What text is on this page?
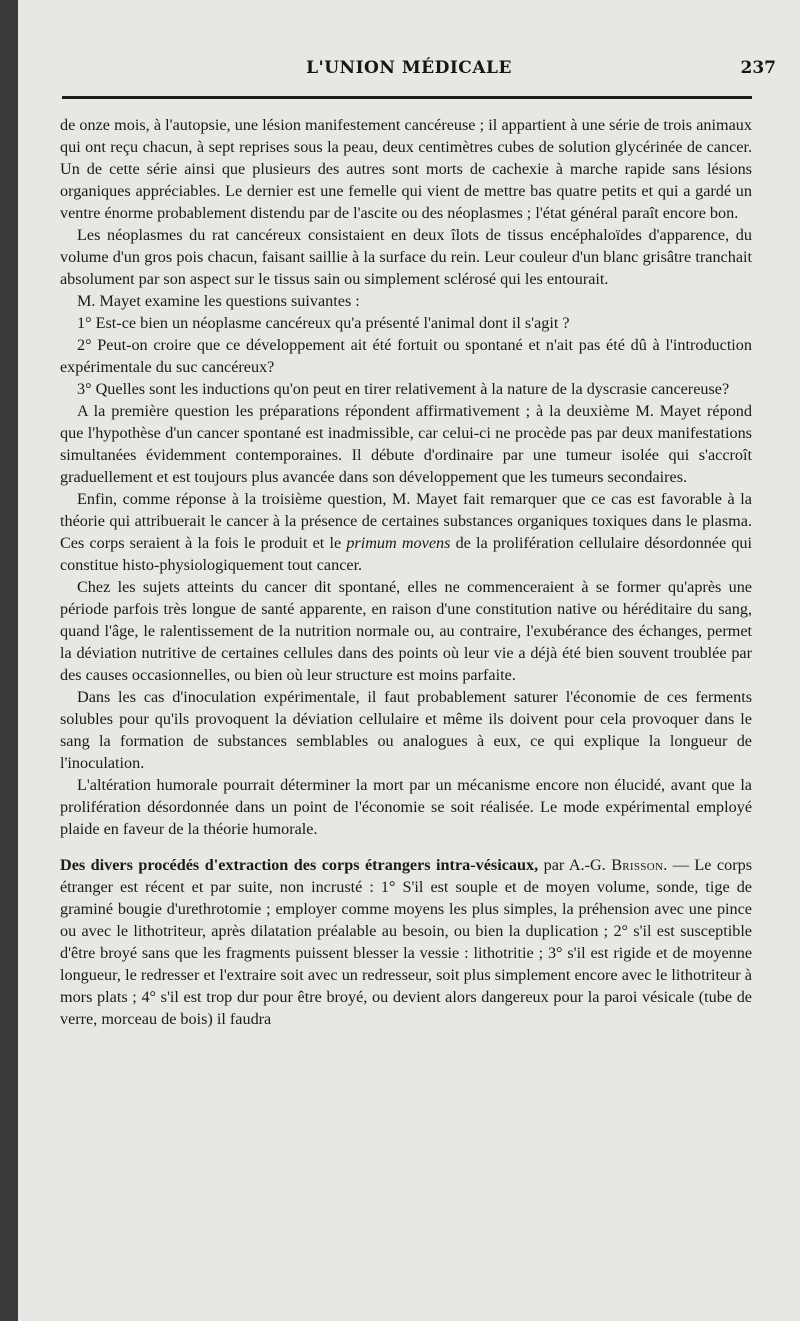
L'UNION MÉDICALE	237

de onze mois, à l'autopsie, une lésion manifestement cancéreuse ; il appartient à une série de trois animaux qui ont reçu chacun, à sept reprises sous la peau, deux centimètres cubes de solution glycérinée de cancer. Un de cette série ainsi que plusieurs des autres sont morts de cachexie à marche rapide sans lésions organiques appréciables. Le dernier est une femelle qui vient de mettre bas quatre petits et qui a gardé un ventre énorme probablement distendu par de l'ascite ou des néoplasmes ; l'état général paraît encore bon.

Les néoplasmes du rat cancéreux consistaient en deux îlots de tissus encéphaloïdes d'apparence, du volume d'un gros pois chacun, faisant saillie à la surface du rein. Leur couleur d'un blanc grisâtre tranchait absolument par son aspect sur le tissus sain ou simplement sclérosé qui les entourait.

M. Mayet examine les questions suivantes :

1° Est-ce bien un néoplasme cancéreux qu'a présenté l'animal dont il s'agit ?

2° Peut-on croire que ce développement ait été fortuit ou spontané et n'ait pas été dû à l'introduction expérimentale du suc cancéreux?

3° Quelles sont les inductions qu'on peut en tirer relativement à la nature de la dyscrasie cancereuse?

A la première question les préparations répondent affirmativement ; à la deuxième M. Mayet répond que l'hypothèse d'un cancer spontané est inadmissible, car celui-ci ne procède pas par deux manifestations simultanées évidemment contemporaines. Il débute d'ordinaire par une tumeur isolée qui s'accroît graduellement et est toujours plus avancée dans son développement que les tumeurs secondaires.

Enfin, comme réponse à la troisième question, M. Mayet fait remarquer que ce cas est favorable à la théorie qui attribuerait le cancer à la présence de certaines substances organiques toxiques dans le plasma. Ces corps seraient à la fois le produit et le primum movens de la prolifération cellulaire désordonnée qui constitue histo-physiologiquement tout cancer.

Chez les sujets atteints du cancer dit spontané, elles ne commenceraient à se former qu'après une période parfois très longue de santé apparente, en raison d'une constitution native ou héréditaire du sang, quand l'âge, le ralentissement de la nutrition normale ou, au contraire, l'exubérance des échanges, permet la déviation nutritive de certaines cellules dans des points où leur vie a déjà été bien souvent troublée par des causes occasionnelles, ou bien où leur structure est moins parfaite.

Dans les cas d'inoculation expérimentale, il faut probablement saturer l'économie de ces ferments solubles pour qu'ils provoquent la déviation cellulaire et même ils doivent pour cela provoquer dans le sang la formation de substances semblables ou analogues à eux, ce qui explique la longueur de l'inoculation.

L'altération humorale pourrait déterminer la mort par un mécanisme encore non élucidé, avant que la prolifération désordonnée dans un point de l'économie se soit réalisée. Le mode expérimental employé plaide en faveur de la théorie humorale.

Des divers procédés d'extraction des corps étrangers intra-vésicaux, par A.-G. Brisson. — Le corps étranger est récent et par suite, non incrusté : 1° S'il est souple et de moyen volume, sonde, tige de graminé bougie d'urethrotomie ; employer comme moyens les plus simples, la préhension avec une pince ou avec le lithotriteur, après dilatation préalable au besoin, ou bien la duplication ; 2° s'il est susceptible d'être broyé sans que les fragments puissent blesser la vessie : lithotritie ; 3° s'il est rigide et de moyenne longueur, le redresser et l'extraire soit avec un redresseur, soit plus simplement encore avec le lithotriteur à mors plats ; 4° s'il est trop dur pour être broyé, ou devient alors dangereux pour la paroi vésicale (tube de verre, morceau de bois) il faudra
